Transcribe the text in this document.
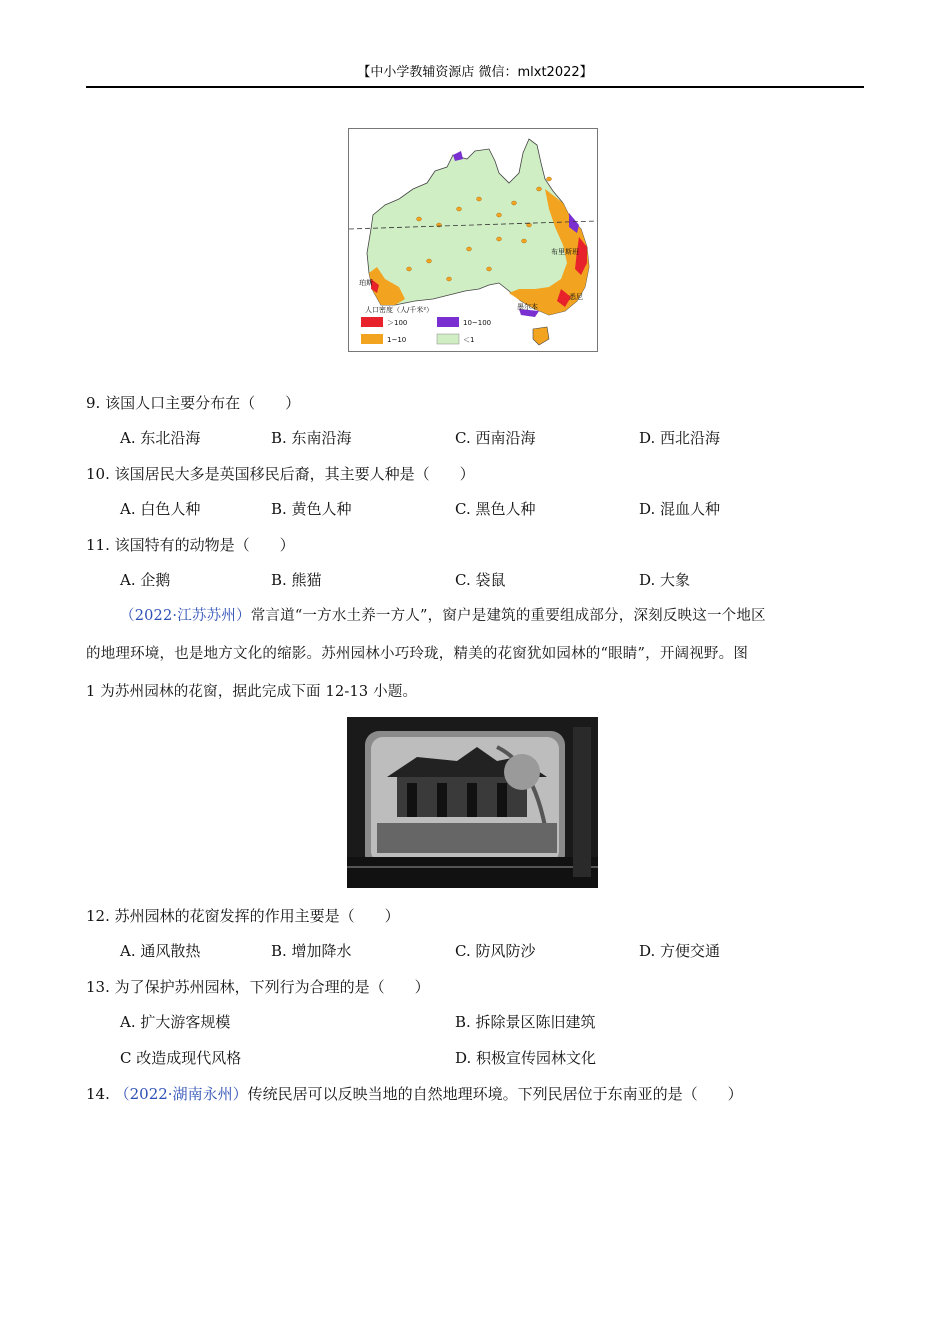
【中小学教辅资源店 微信：mlxt2022】
布里斯班
珀斯
墨尔本
悉尼
人口密度（人/千米²）
＞100	10~100
1~10	＜1
9. 该国人口主要分布在（　　）
A. 东北沿海	B. 东南沿海	C. 西南沿海	D. 西北沿海
10. 该国居民大多是英国移民后裔，其主要人种是（　　）
A. 白色人种	B. 黄色人种	C. 黑色人种	D. 混血人种
11. 该国特有的动物是（　　）
A. 企鹅	B. 熊猫	C. 袋鼠	D. 大象
（2022·江苏苏州）常言道“一方水土养一方人”，窗户是建筑的重要组成部分，深刻反映这一个地区
的地理环境，也是地方文化的缩影。苏州园林小巧玲珑，精美的花窗犹如园林的“眼睛”，开阔视野。图
1 为苏州园林的花窗，据此完成下面 12-13 小题。
12. 苏州园林的花窗发挥的作用主要是（　　）
A. 通风散热	B. 增加降水	C. 防风防沙	D. 方便交通
13. 为了保护苏州园林，下列行为合理的是（　　）
A. 扩大游客规模	B. 拆除景区陈旧建筑
C 改造成现代风格	D. 积极宣传园林文化
14. （2022·湖南永州）传统民居可以反映当地的自然地理环境。下列民居位于东南亚的是（　　）
